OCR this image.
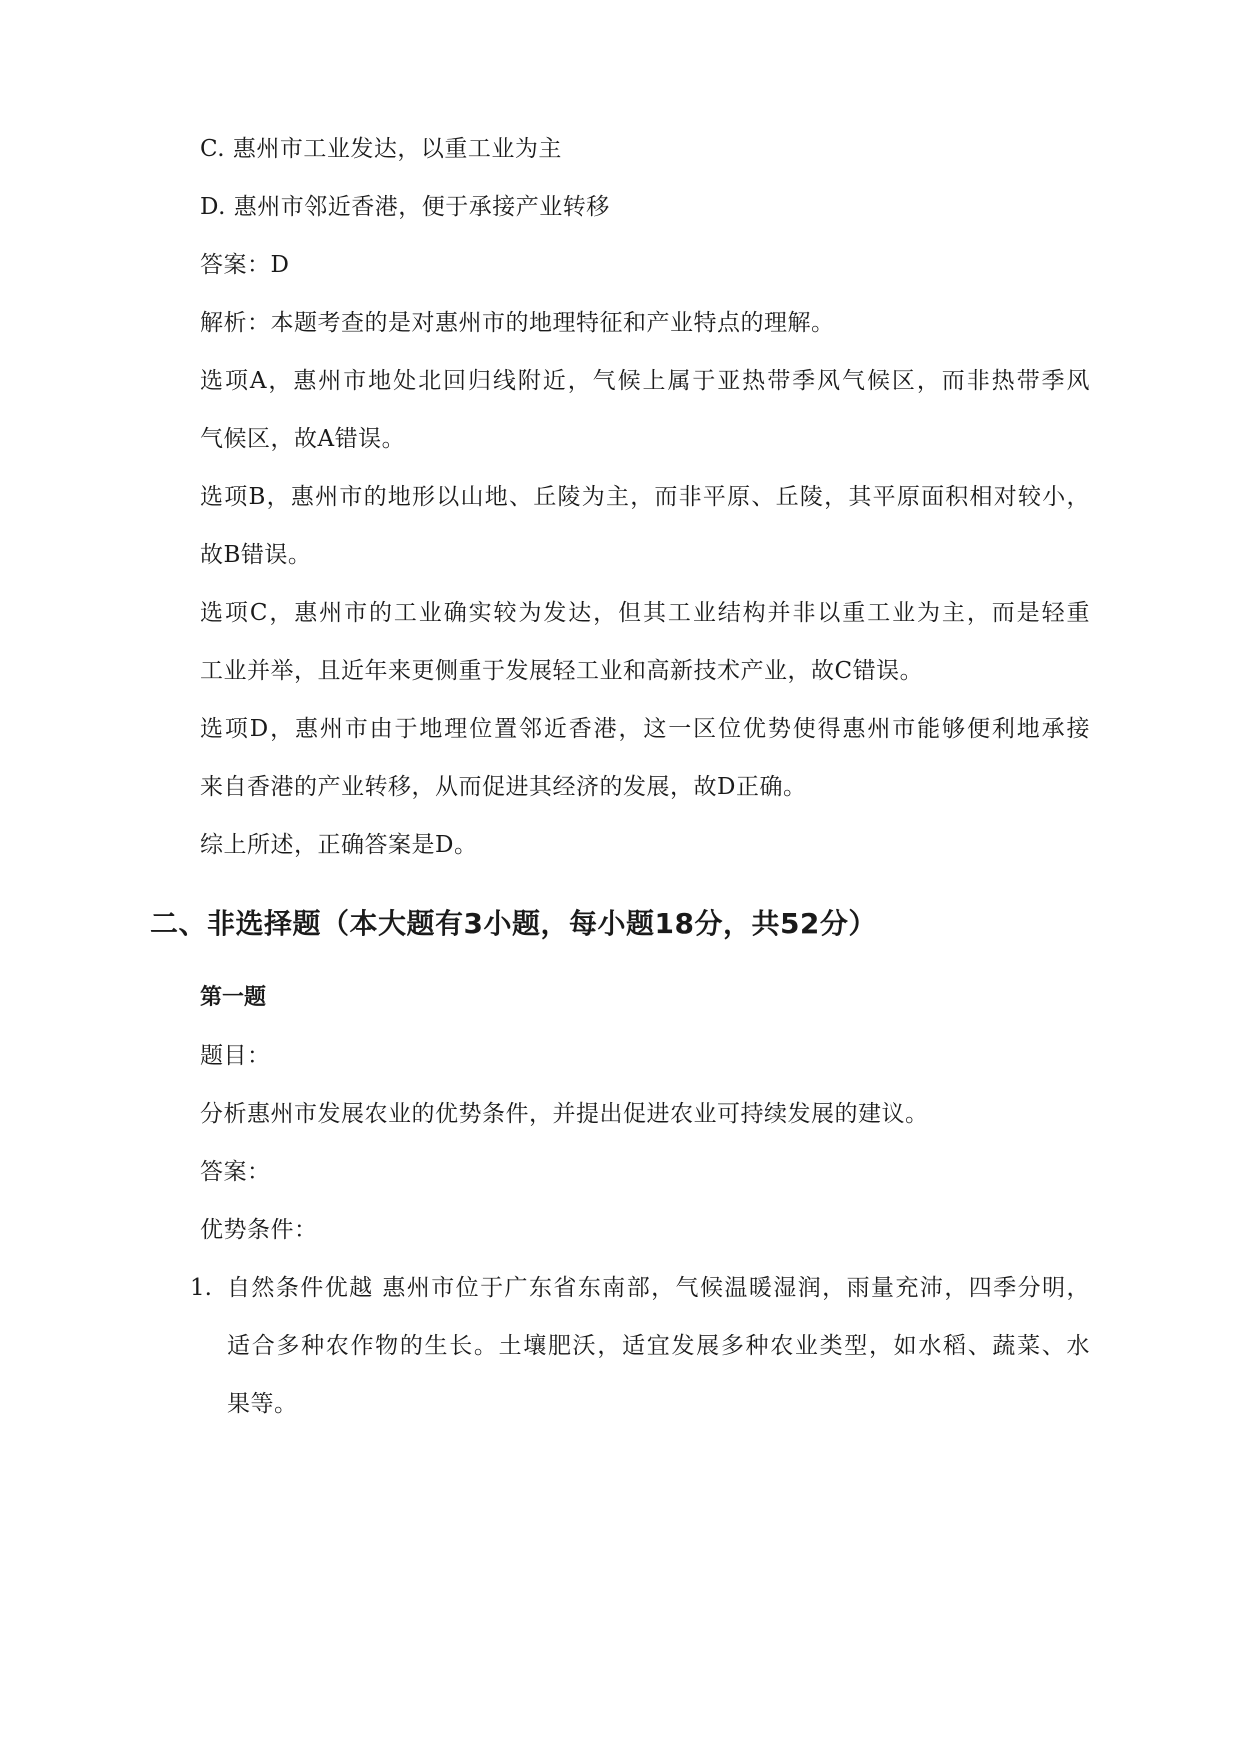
C. 惠州市工业发达，以重工业为主
D. 惠州市邻近香港，便于承接产业转移
答案：D
解析：本题考查的是对惠州市的地理特征和产业特点的理解。
选项A，惠州市地处北回归线附近，气候上属于亚热带季风气候区，而非热带季风
气候区，故A错误。
选项B，惠州市的地形以山地、丘陵为主，而非平原、丘陵，其平原面积相对较小，
故B错误。
选项C，惠州市的工业确实较为发达，但其工业结构并非以重工业为主，而是轻重
工业并举，且近年来更侧重于发展轻工业和高新技术产业，故C错误。
选项D，惠州市由于地理位置邻近香港，这一区位优势使得惠州市能够便利地承接
来自香港的产业转移，从而促进其经济的发展，故D正确。
综上所述，正确答案是D。
二、非选择题（本大题有3小题，每小题18分，共52分）
第一题
题目：
分析惠州市发展农业的优势条件，并提出促进农业可持续发展的建议。
答案：
优势条件：
1. 自然条件优越 惠州市位于广东省东南部，气候温暖湿润，雨量充沛，四季分明，
适合多种农作物的生长。土壤肥沃，适宜发展多种农业类型，如水稻、蔬菜、水
果等。
